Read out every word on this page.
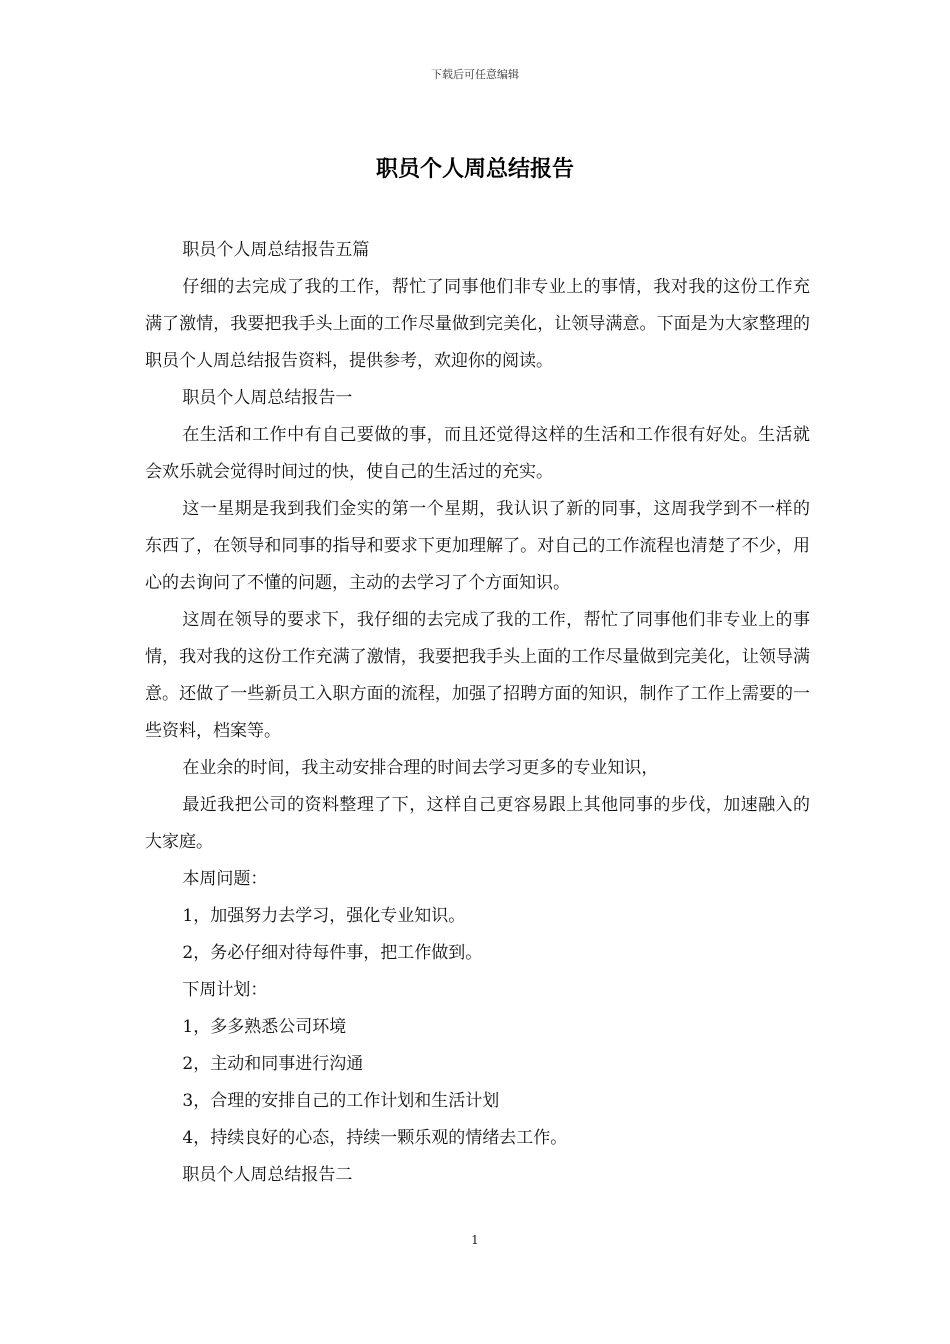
下载后可任意编辑
职员个人周总结报告

职员个人周总结报告五篇

仔细的去完成了我的工作，帮忙了同事他们非专业上的事情，我对我的这份工作充满了激情，我要把我手头上面的工作尽量做到完美化，让领导满意。下面是为大家整理的职员个人周总结报告资料，提供参考，欢迎你的阅读。

职员个人周总结报告一

在生活和工作中有自己要做的事，而且还觉得这样的生活和工作很有好处。生活就会欢乐就会觉得时间过的快，使自己的生活过的充实。

这一星期是我到我们金实的第一个星期，我认识了新的同事，这周我学到不一样的东西了，在领导和同事的指导和要求下更加理解了。对自己的工作流程也清楚了不少，用心的去询问了不懂的问题，主动的去学习了个方面知识。

这周在领导的要求下，我仔细的去完成了我的工作，帮忙了同事他们非专业上的事情，我对我的这份工作充满了激情，我要把我手头上面的工作尽量做到完美化，让领导满意。还做了一些新员工入职方面的流程，加强了招聘方面的知识，制作了工作上需要的一些资料，档案等。

在业余的时间，我主动安排合理的时间去学习更多的专业知识，

最近我把公司的资料整理了下，这样自己更容易跟上其他同事的步伐，加速融入的大家庭。

本周问题：

1，加强努力去学习，强化专业知识。

2，务必仔细对待每件事，把工作做到。

下周计划：

1，多多熟悉公司环境

2，主动和同事进行沟通

3，合理的安排自己的工作计划和生活计划

4，持续良好的心态，持续一颗乐观的情绪去工作。

职员个人周总结报告二

1
